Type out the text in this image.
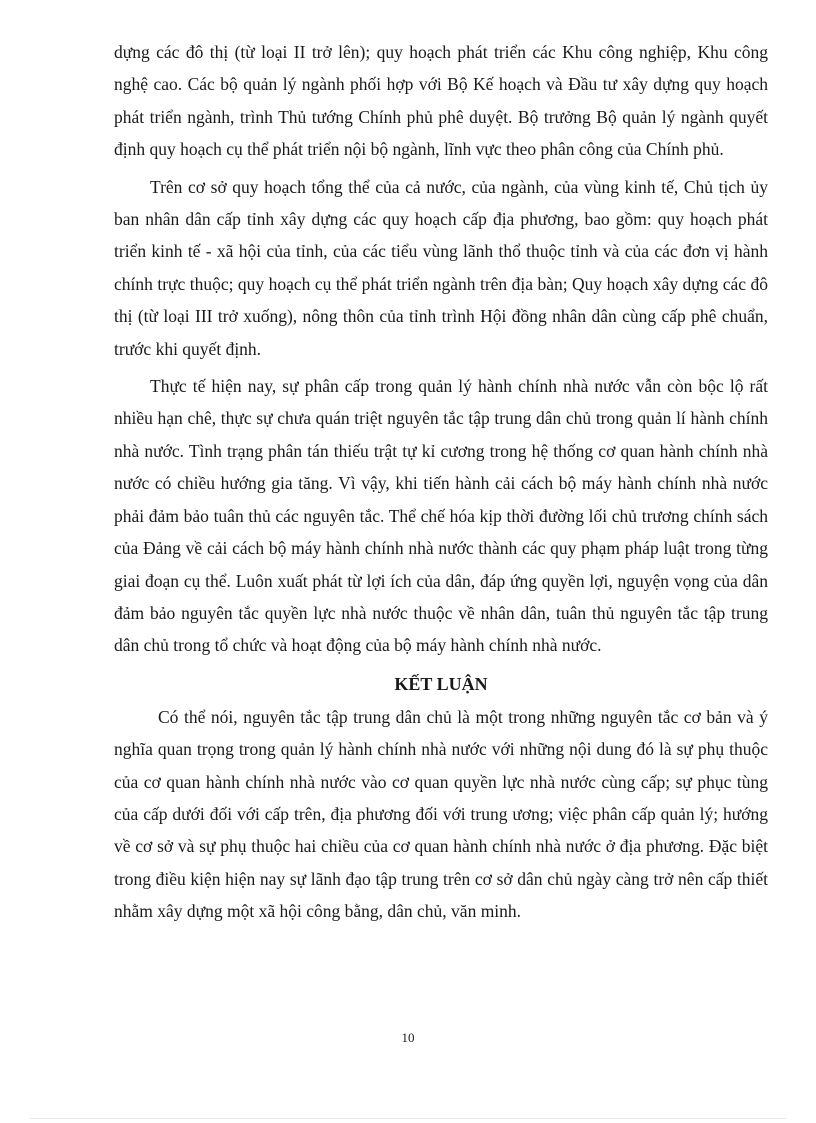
dựng các đô thị (từ loại II trở lên); quy hoạch phát triển các Khu công nghiệp, Khu công nghệ cao. Các bộ quản lý ngành phối hợp với Bộ Kế hoạch và Đầu tư xây dựng quy hoạch phát triển ngành, trình Thủ tướng Chính phủ phê duyệt. Bộ trưởng Bộ quản lý ngành quyết định quy hoạch cụ thể phát triển nội bộ ngành, lĩnh vực theo phân công của Chính phủ.

Trên cơ sở quy hoạch tổng thể của cả nước, của ngành, của vùng kinh tế, Chủ tịch ủy ban nhân dân cấp tỉnh xây dựng các quy hoạch cấp địa phương, bao gồm: quy hoạch phát triển kinh tế - xã hội của tỉnh, của các tiểu vùng lãnh thổ thuộc tỉnh và của các đơn vị hành chính trực thuộc; quy hoạch cụ thể phát triển ngành trên địa bàn; Quy hoạch xây dựng các đô thị (từ loại III trở xuống), nông thôn của tỉnh trình Hội đồng nhân dân cùng cấp phê chuẩn, trước khi quyết định.

Thực tế hiện nay, sự phân cấp trong quản lý hành chính nhà nước vẫn còn bộc lộ rất nhiều hạn chê, thực sự chưa quán triệt nguyên tắc tập trung dân chủ trong quản lí hành chính nhà nước. Tình trạng phân tán thiếu trật tự kỉ cương trong hệ thống cơ quan hành chính nhà nước có chiều hướng gia tăng. Vì vậy, khi tiến hành cải cách bộ máy hành chính nhà nước phải đảm bảo tuân thủ các nguyên tắc. Thể chế hóa kịp thời đường lối chủ trương chính sách của Đảng về cải cách bộ máy hành chính nhà nước thành các quy phạm pháp luật trong từng giai đoạn cụ thể. Luôn xuất phát từ lợi ích của dân, đáp ứng quyền lợi, nguyện vọng của dân đảm bảo nguyên tắc quyền lực nhà nước thuộc về nhân dân, tuân thủ nguyên tắc tập trung dân chủ trong tổ chức và hoạt động của bộ máy hành chính nhà nước.

KẾT LUẬN

Có thể nói, nguyên tắc tập trung dân chủ là một trong những nguyên tắc cơ bản và ý nghĩa quan trọng trong quản lý hành chính nhà nước với những nội dung đó là sự phụ thuộc của cơ quan hành chính nhà nước vào cơ quan quyền lực nhà nước cùng cấp; sự phục tùng của cấp dưới đối với cấp trên, địa phương đối với trung ương; việc phân cấp quản lý; hướng về cơ sở và sự phụ thuộc hai chiều của cơ quan hành chính nhà nước ở địa phương. Đặc biệt trong điều kiện hiện nay sự lãnh đạo tập trung trên cơ sở dân chủ ngày càng trở nên cấp thiết nhằm xây dựng một xã hội công bằng, dân chủ, văn minh.

10
